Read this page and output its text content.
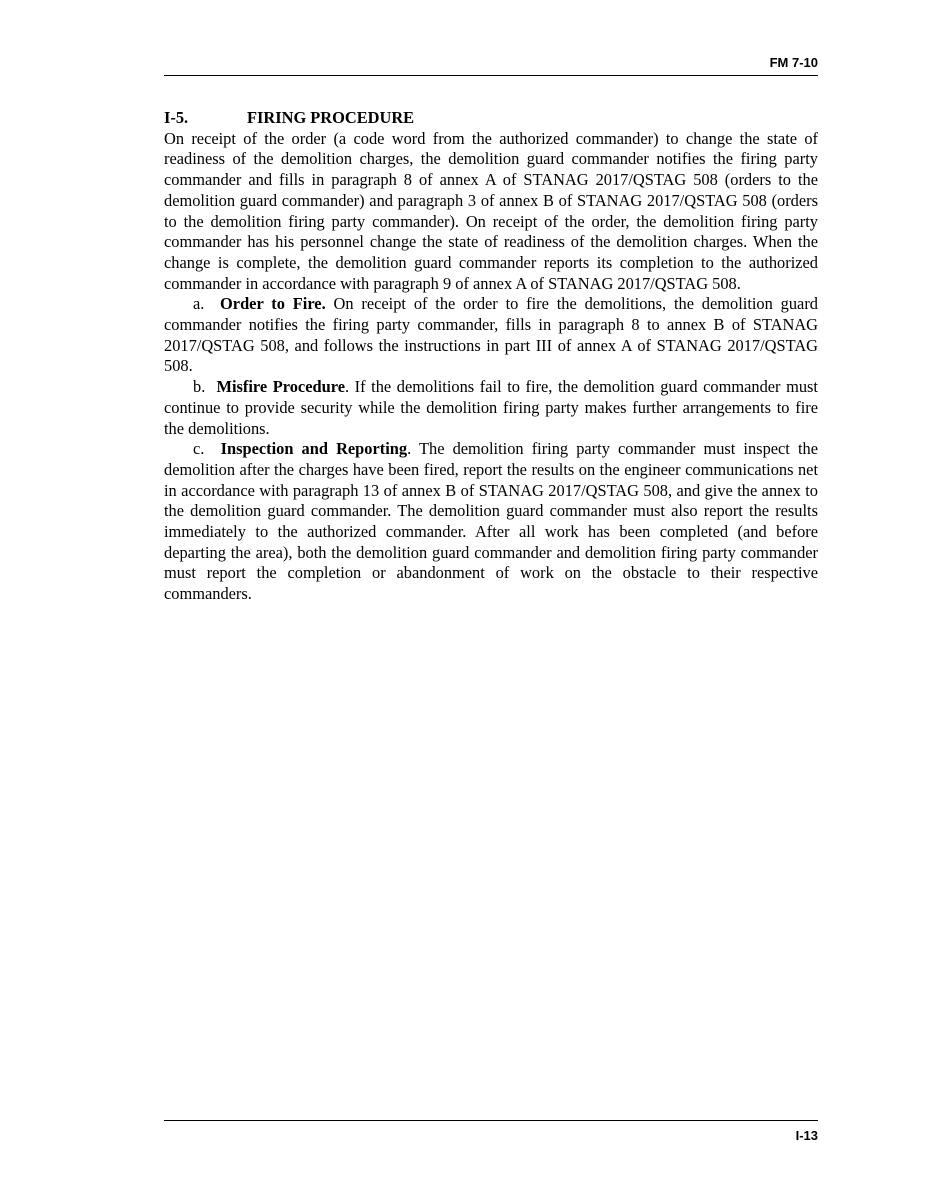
FM 7-10

I-5.	FIRING PROCEDURE

On receipt of the order (a code word from the authorized commander) to change the state of readiness of the demolition charges, the demolition guard commander notifies the firing party commander and fills in paragraph 8 of annex A of STANAG 2017/QSTAG 508 (orders to the demolition guard commander) and paragraph 3 of annex B of STANAG 2017/QSTAG 508 (orders to the demolition firing party commander). On receipt of the order, the demolition firing party commander has his personnel change the state of readiness of the demolition charges. When the change is complete, the demolition guard commander reports its completion to the authorized commander in accordance with paragraph 9 of annex A of STANAG 2017/QSTAG 508.

a. Order to Fire. On receipt of the order to fire the demolitions, the demolition guard commander notifies the firing party commander, fills in paragraph 8 to annex B of STANAG 2017/QSTAG 508, and follows the instructions in part III of annex A of STANAG 2017/QSTAG 508.

b. Misfire Procedure. If the demolitions fail to fire, the demolition guard commander must continue to provide security while the demolition firing party makes further arrangements to fire the demolitions.

c. Inspection and Reporting. The demolition firing party commander must inspect the demolition after the charges have been fired, report the results on the engineer communications net in accordance with paragraph 13 of annex B of STANAG 2017/QSTAG 508, and give the annex to the demolition guard commander. The demolition guard commander must also report the results immediately to the authorized commander. After all work has been completed (and before departing the area), both the demolition guard commander and demolition firing party commander must report the completion or abandonment of work on the obstacle to their respective commanders.

I-13
